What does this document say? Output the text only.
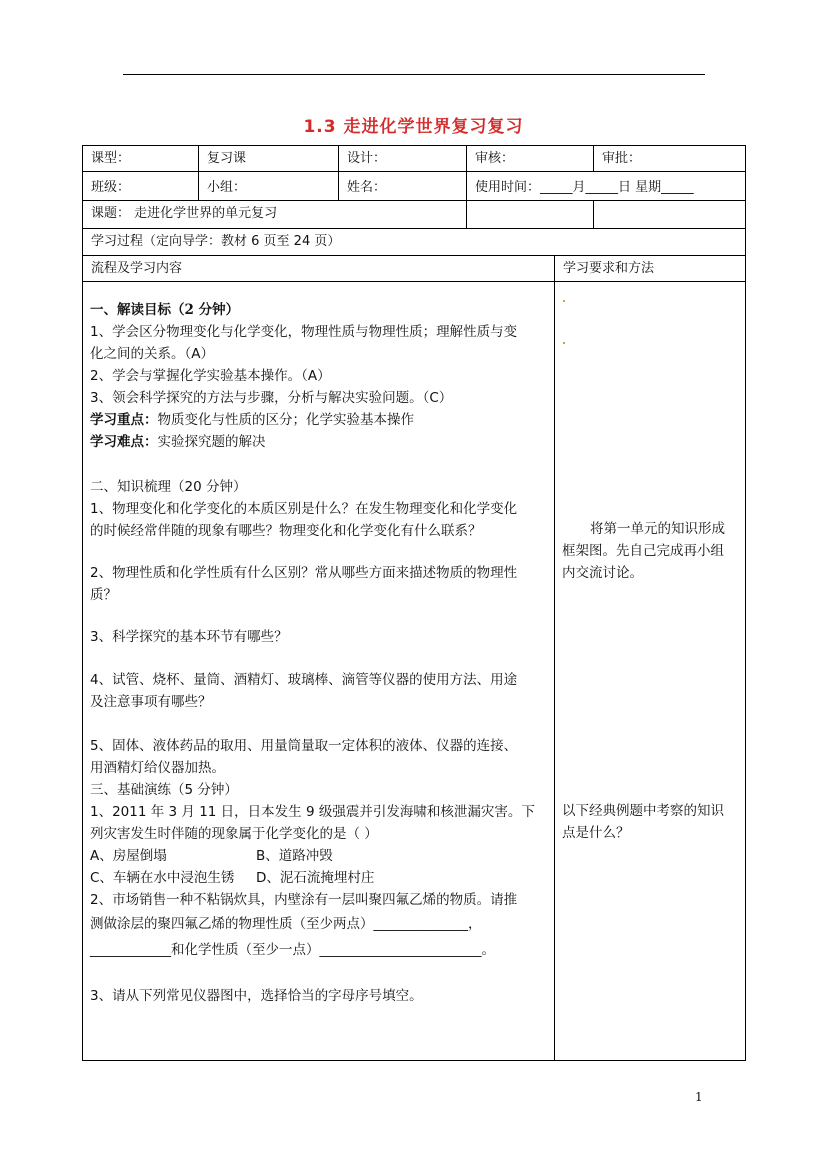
1.3 走进化学世界复习复习
课型：	复习课	设计：	审核：	审批：
班级：	小组：	姓名：	使用时间：_____月_____日 星期_____
课题： 走进化学世界的单元复习
学习过程（定向导学：教材 6 页至 24 页）
流程及学习内容	学习要求和方法
一、解读目标（2 分钟）
1、学会区分物理变化与化学变化，物理性质与物理性质；理解性质与变
化之间的关系。（A）
2、学会与掌握化学实验基本操作。（A）
3、领会科学探究的方法与步骤，分析与解决实验问题。（C）
学习重点：物质变化与性质的区分；化学实验基本操作
学习难点：实验探究题的解决
二、知识梳理（20 分钟）
1、物理变化和化学变化的本质区别是什么？在发生物理变化和化学变化
的时候经常伴随的现象有哪些？物理变化和化学变化有什么联系？
2、物理性质和化学性质有什么区别？常从哪些方面来描述物质的物理性
质？
3、科学探究的基本环节有哪些？
4、试管、烧杯、量筒、酒精灯、玻璃棒、滴管等仪器的使用方法、用途
及注意事项有哪些？
5、固体、液体药品的取用、用量筒量取一定体积的液体、仪器的连接、
用酒精灯给仪器加热。
三、基础演练（5 分钟）
1、2011 年 3 月 11 日，日本发生 9 级强震并引发海啸和核泄漏灾害。下
列灾害发生时伴随的现象属于化学变化的是（ ）
A、房屋倒塌	B、道路冲毁
C、车辆在水中浸泡生锈 D、泥石流掩埋村庄
2、市场销售一种不粘锅炊具，内壁涂有一层叫聚四氟乙烯的物质。请推
测做涂层的聚四氟乙烯的物理性质（至少两点）______________，
____________和化学性质（至少一点）________________________。
3、请从下列常见仪器图中，选择恰当的字母序号填空。
将第一单元的知识形成
框架图。先自己完成再小组
内交流讨论。
以下经典例题中考察的知识
点是什么？
1
